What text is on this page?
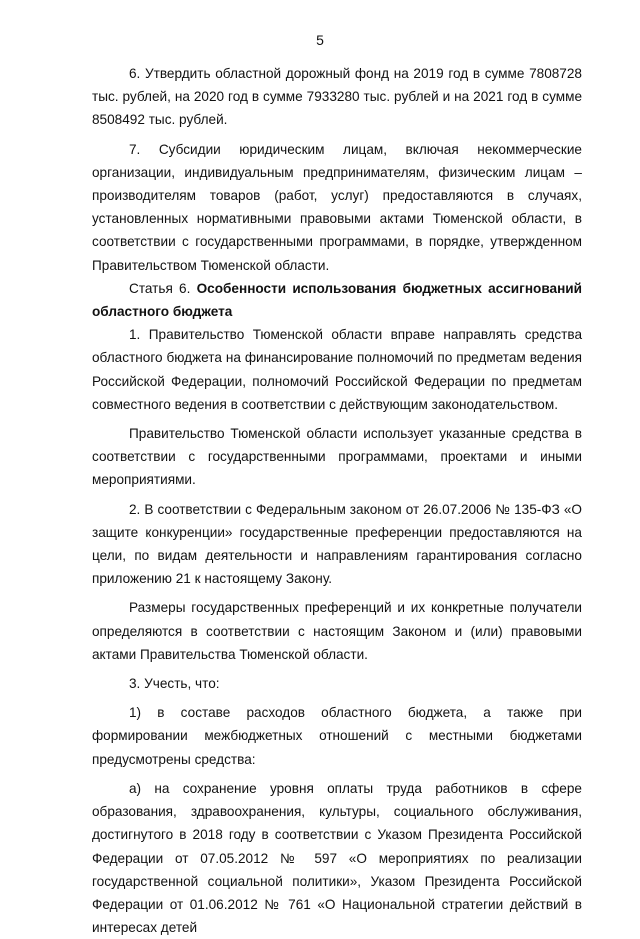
5

6. Утвердить областной дорожный фонд на 2019 год в сумме 7808728 тыс. рублей, на 2020 год в сумме 7933280 тыс. рублей и на 2021 год в сумме 8508492 тыс. рублей.

7. Субсидии юридическим лицам, включая некоммерческие организации, индивидуальным предпринимателям, физическим лицам – производителям товаров (работ, услуг) предоставляются в случаях, установленных нормативными правовыми актами Тюменской области, в соответствии с государственными программами, в порядке, утвержденном Правительством Тюменской области.

Статья 6. Особенности использования бюджетных ассигнований областного бюджета

1. Правительство Тюменской области вправе направлять средства областного бюджета на финансирование полномочий по предметам ведения Российской Федерации, полномочий Российской Федерации по предметам совместного ведения в соответствии с действующим законодательством.

Правительство Тюменской области использует указанные средства в соответствии с государственными программами, проектами и иными мероприятиями.

2. В соответствии с Федеральным законом от 26.07.2006 № 135-ФЗ «О защите конкуренции» государственные преференции предоставляются на цели, по видам деятельности и направлениям гарантирования согласно приложению 21 к настоящему Закону.

Размеры государственных преференций и их конкретные получатели определяются в соответствии с настоящим Законом и (или) правовыми актами Правительства Тюменской области.

3. Учесть, что:

1) в составе расходов областного бюджета, а также при формировании межбюджетных отношений с местными бюджетами предусмотрены средства:

а) на сохранение уровня оплаты труда работников в сфере образования, здравоохранения, культуры, социального обслуживания, достигнутого в 2018 году в соответствии с Указом Президента Российской Федерации от 07.05.2012 № 597 «О мероприятиях по реализации государственной социальной политики», Указом Президента Российской Федерации от 01.06.2012 № 761 «О Национальной стратегии действий в интересах детей
